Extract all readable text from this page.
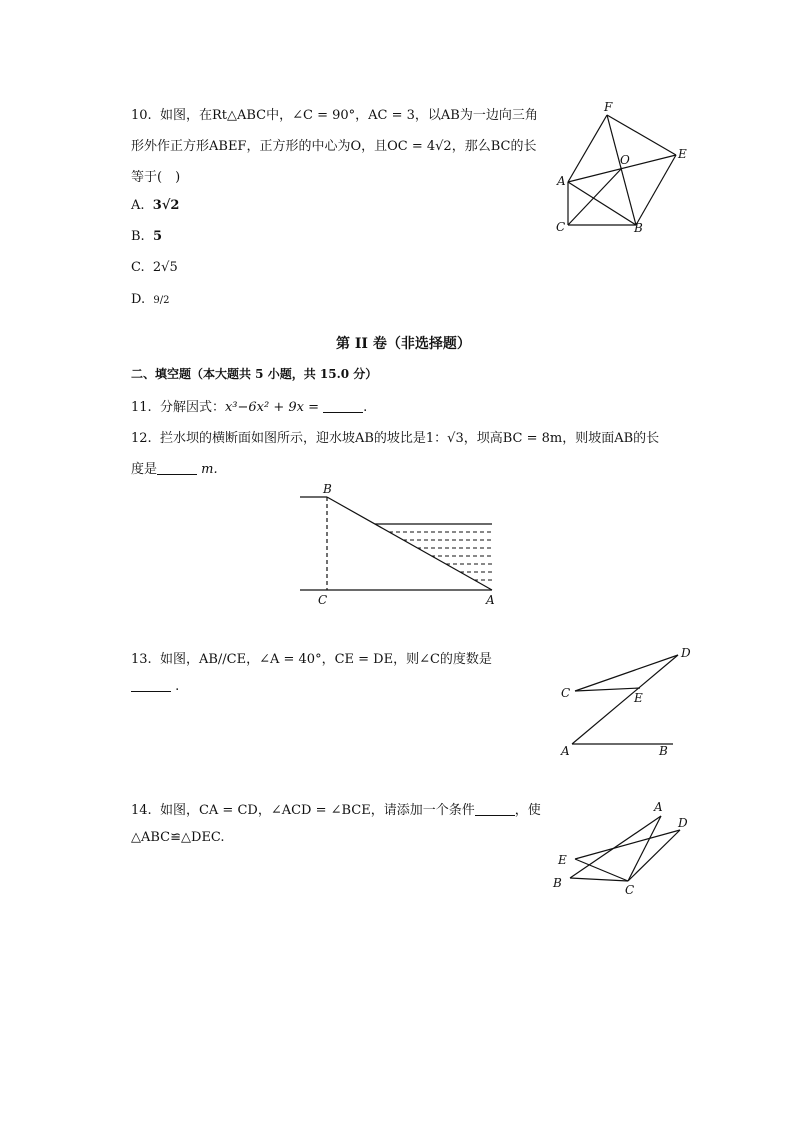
10. 如图，在Rt△ABC中，∠C = 90°，AC = 3，以AB为一边向三角
形外作正方形ABEF，正方形的中心为O，且OC = 4√2，那么BC的长
等于(　)
A. 3√2
B. 5
C. 2√5
D. 9/2
F
E
O
A
C	B
第 II 卷（非选择题）
二、填空题（本大题共 5 小题，共 15.0 分）
11. 分解因式：x³−6x² + 9x =	.
12. 拦水坝的横断面如图所示，迎水坡AB的坡比是1：√3，坝高BC = 8m，则坡面AB的长
度是	m.
B
C	A
13. 如图，AB//CE，∠A = 40°，CE = DE，则∠C的度数是
.
D
C	E
A	B
14. 如图，CA = CD，∠ACD = ∠BCE，请添加一个条件	，使
△ABC≌△DEC.
A
D
E
B	C
